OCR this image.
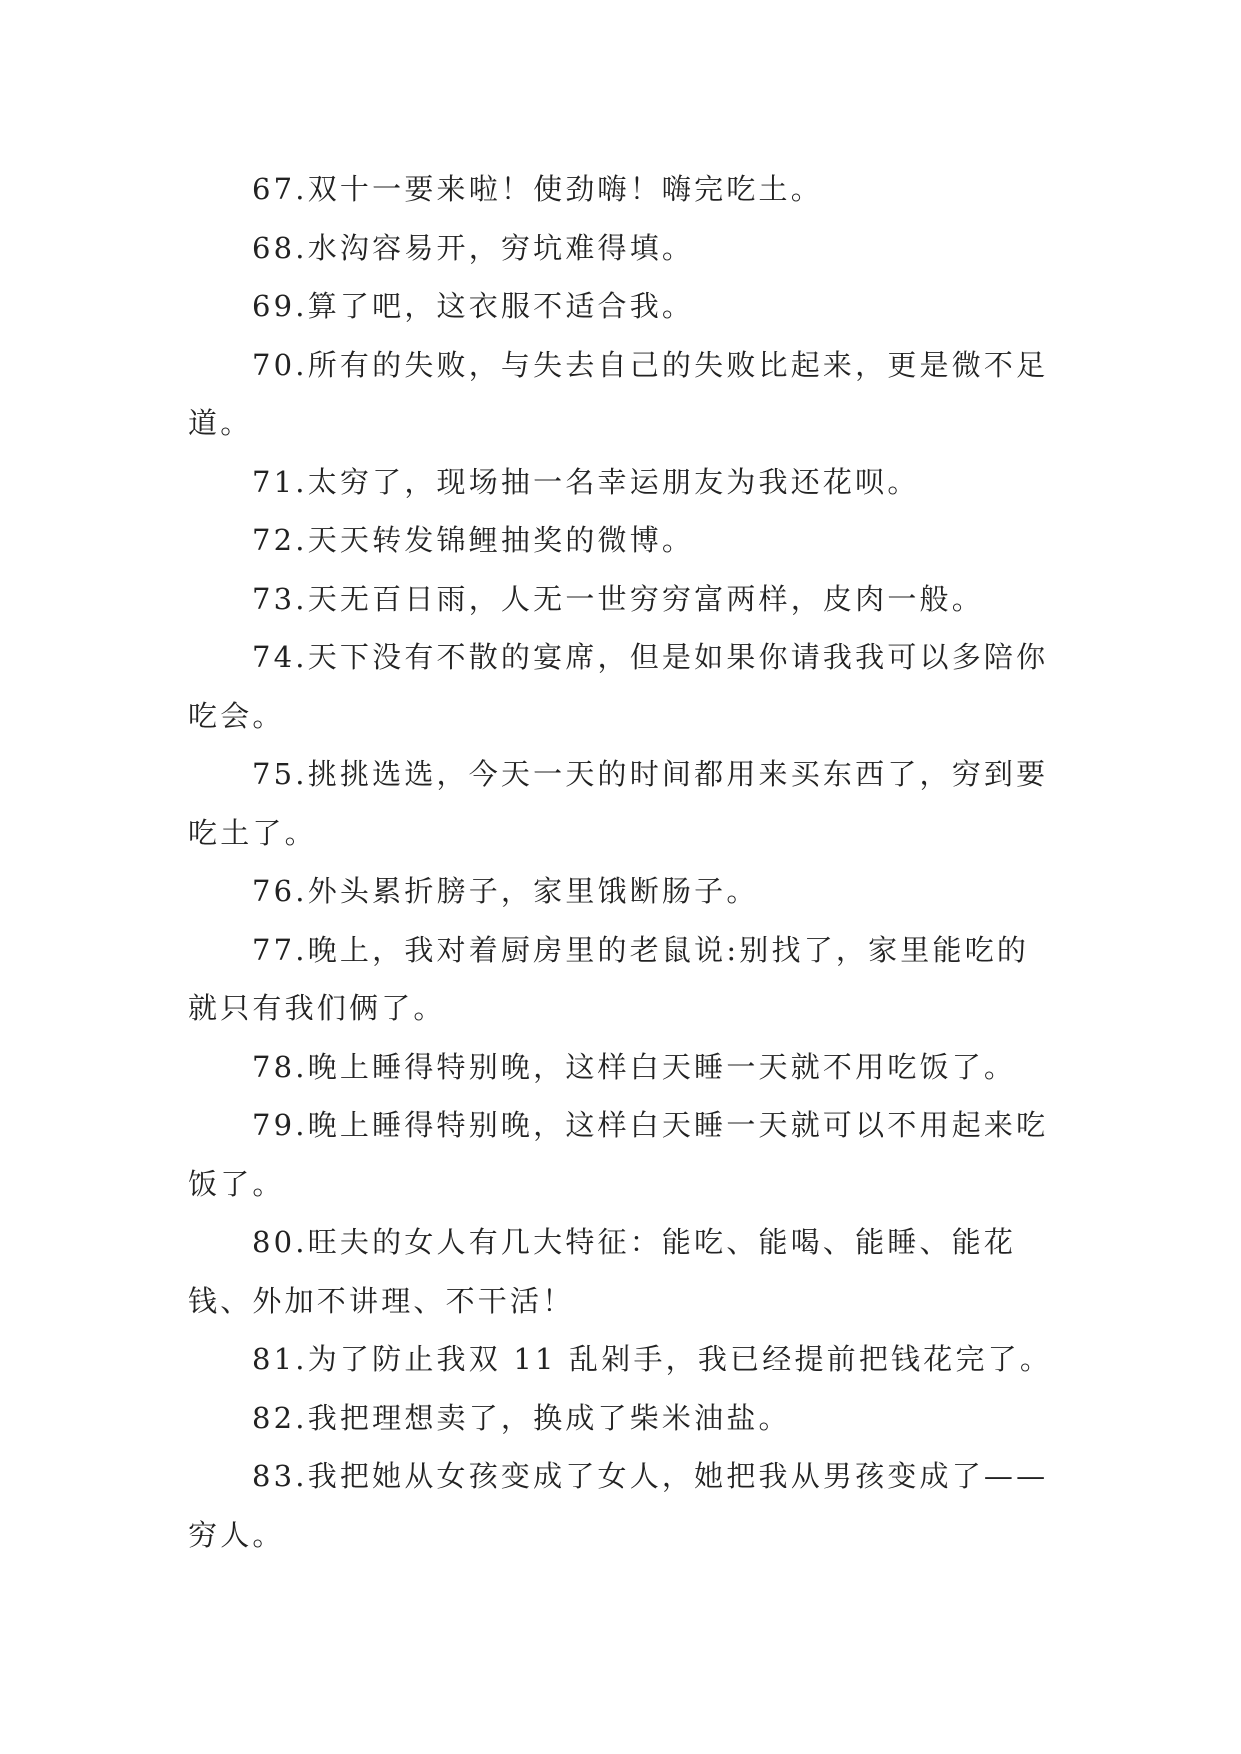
67.双十一要来啦！使劲嗨！嗨完吃土。

68.水沟容易开，穷坑难得填。

69.算了吧，这衣服不适合我。

70.所有的失败，与失去自己的失败比起来，更是微不足道。

71.太穷了，现场抽一名幸运朋友为我还花呗。

72.天天转发锦鲤抽奖的微博。

73.天无百日雨，人无一世穷穷富两样，皮肉一般。

74.天下没有不散的宴席，但是如果你请我我可以多陪你吃会。

75.挑挑选选，今天一天的时间都用来买东西了，穷到要吃土了。

76.外头累折膀子，家里饿断肠子。

77.晚上，我对着厨房里的老鼠说:别找了，家里能吃的就只有我们俩了。

78.晚上睡得特别晚，这样白天睡一天就不用吃饭了。

79.晚上睡得特别晚，这样白天睡一天就可以不用起来吃饭了。

80.旺夫的女人有几大特征：能吃、能喝、能睡、能花钱、外加不讲理、不干活！

81.为了防止我双 11 乱剁手，我已经提前把钱花完了。

82.我把理想卖了，换成了柴米油盐。

83.我把她从女孩变成了女人，她把我从男孩变成了——穷人。
